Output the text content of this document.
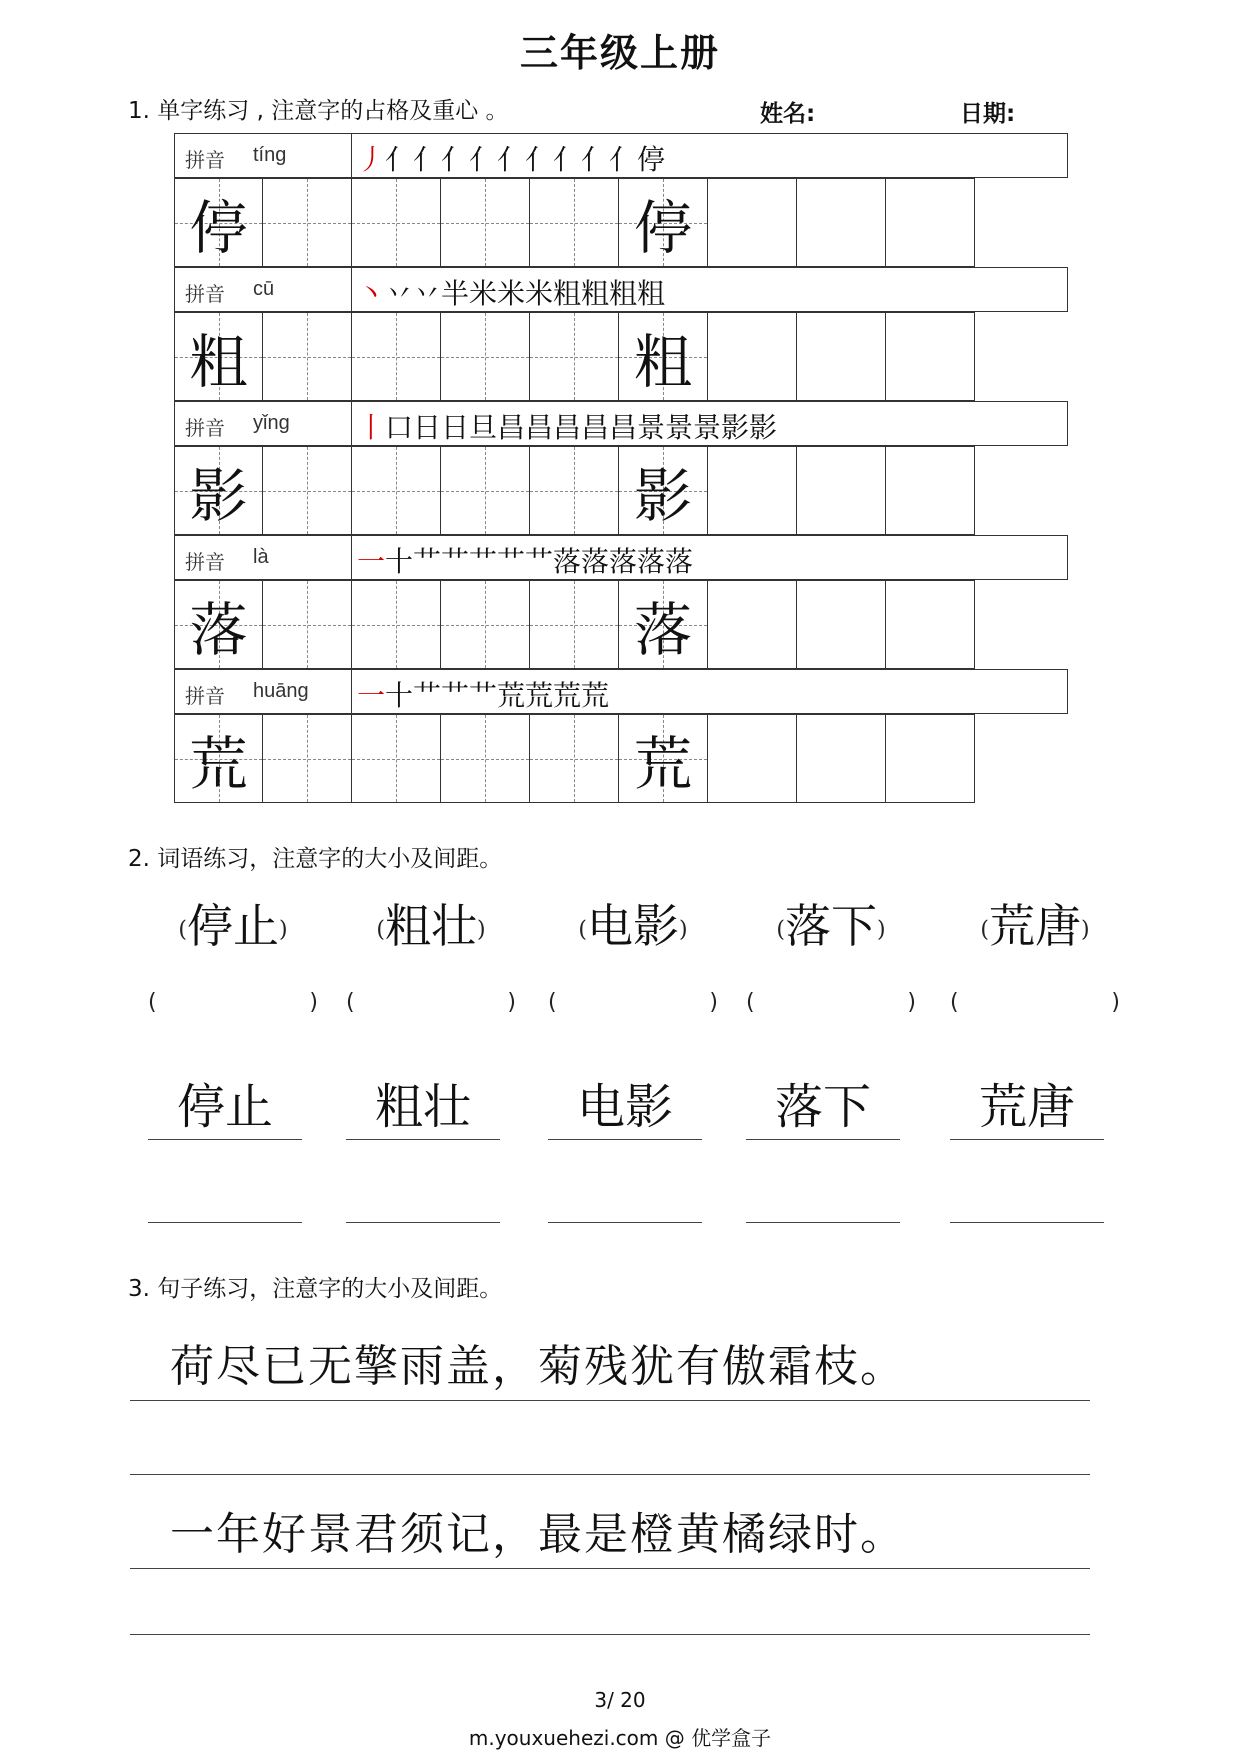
三年级上册
1. 单字练习 , 注意字的占格及重心 。	姓名:	日期:
拼音 tíng	丿 亻 亻 亻 亻 亻 亻 亻 亻 亻 停
停	停
拼音 cū	丶 丷 丷 半 米 米 米 粗 粗 粗 粗
粗	粗
拼音 yǐng 丨 口 日 日 旦 昌 昌 昌 昌 昌 景 景 景 影 影
影	影
拼音 là	一 十 艹 艹 艹 艹 艹 落 落 落 落 落
落	落
拼音 huāng 一 十 艹 艹 艹 荒 荒 荒 荒
荒	荒
2. 词语练习，注意字的大小及间距。
(停止)
(	)
停止
(粗壮)
(	)
粗壮
(电影)
(	)
电影
(落下)
(	)
落下
(荒唐)
(	)
荒唐
3. 句子练习，注意字的大小及间距。
荷尽已无擎雨盖，菊残犹有傲霜枝。
一年好景君须记，最是橙黄橘绿时。
3/ 20
m.youxuehezi.com @ 优学盒子
